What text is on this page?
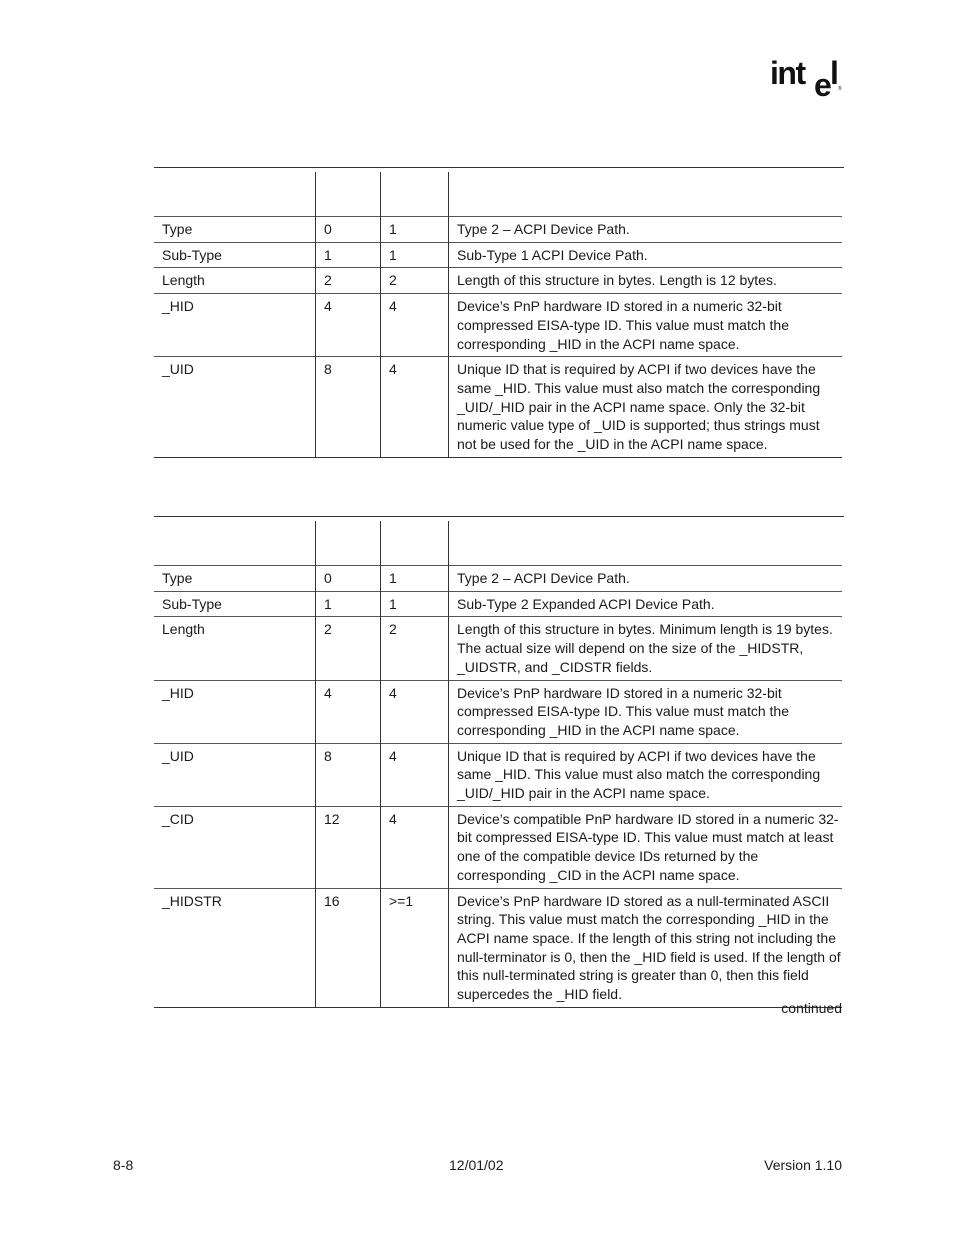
int e
l ®

Type	0	1	Type 2 – ACPI Device Path.
Sub-Type	1	1	Sub-Type 1 ACPI Device Path.
Length	2	2	Length of this structure in bytes. Length is 12 bytes.
_HID	4	4	Device’s PnP hardware ID stored in a numeric 32-bit compressed EISA-type ID. This value must match the corresponding _HID in the ACPI name space.
_UID	8	4	Unique ID that is required by ACPI if two devices have the same _HID. This value must also match the corresponding _UID/_HID pair in the ACPI name space. Only the 32-bit numeric value type of _UID is supported; thus strings must not be used for the _UID in the ACPI name space.

Type	0	1	Type 2 – ACPI Device Path.
Sub-Type	1	1	Sub-Type 2 Expanded ACPI Device Path.
Length	2	2	Length of this structure in bytes. Minimum length is 19 bytes. The actual size will depend on the size of the _HIDSTR, _UIDSTR, and _CIDSTR fields.
_HID	4	4	Device’s PnP hardware ID stored in a numeric 32-bit compressed EISA-type ID. This value must match the corresponding _HID in the ACPI name space.
_UID	8	4	Unique ID that is required by ACPI if two devices have the same _HID. This value must also match the corresponding _UID/_HID pair in the ACPI name space.
_CID	12	4	Device’s compatible PnP hardware ID stored in a numeric 32-bit compressed EISA-type ID. This value must match at least one of the compatible device IDs returned by the corresponding _CID in the ACPI name space.
_HIDSTR	16	>=1	Device’s PnP hardware ID stored as a null-terminated ASCII string. This value must match the corresponding _HID in the ACPI name space. If the length of this string not including the null-terminator is 0, then the _HID field is used. If the length of this null-terminated string is greater than 0, then this field supercedes the _HID field.
continued
8-8	12/01/02	Version 1.10
